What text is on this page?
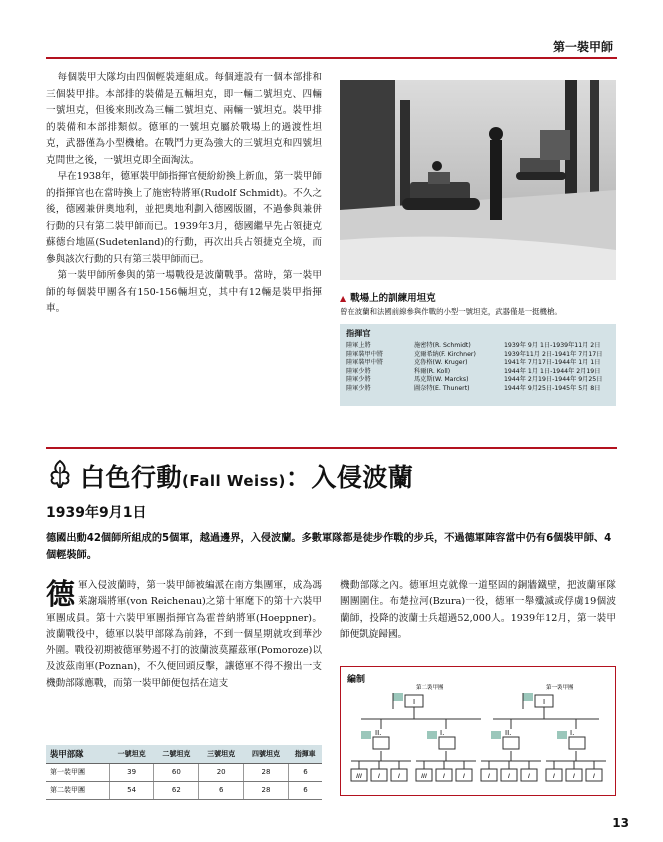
第一裝甲師

每個裝甲大隊均由四個輕裝連組成。每個連設有一個本部排和三個裝甲排。本部排的裝備是五輛坦克，即一輛二號坦克、四輛一號坦克，但後來則改為三輛二號坦克、兩輛一號坦克。裝甲排的裝備和本部排類似。德軍的一號坦克屬於戰場上的過渡性坦克，武器僅為小型機槍。在戰鬥力更為強大的三號坦克和四號坦克問世之後，一號坦克即全面淘汰。

早在1938年，德軍裝甲師指揮官便紛紛換上新血，第一裝甲師的指揮官也在當時換上了施密特將軍(Rudolf Schmidt)。不久之後，德國兼併奧地利，並把奧地利劃入德國版圖，不過參與兼併行動的只有第二裝甲師而已。1939年3月，德國繼早先占領捷克蘇德台地區(Sudetenland)的行動，再次出兵占領捷克全境，而參與該次行動的只有第三裝甲師而已。

第一裝甲師所參與的第一場戰役是波蘭戰爭。當時，第一裝甲師的每個裝甲團各有150-156輛坦克，其中有12輛是裝甲指揮車。

▲ 戰場上的訓練用坦克
曾在波蘭和法國前線參與作戰的小型一號坦克，武器僅是一挺機槍。
指揮官
陸軍上將	施密特(R. Schmidt)	1939年 9月 1日-1939年11月 2日
陸軍裝甲中將	克爾希納(F. Kirchner)	1939年11月 2日-1941年 7月17日
陸軍裝甲中將	克魯格(W. Kruger)	1941年 7月17日-1944年 1月 1日
陸軍少將	科爾(R. Koll)	1944年 1月 1日-1944年 2月19日
陸軍少將	馬克斯(W. Marcks)	1944年 2月19日-1944年 9月25日
陸軍少將	圖奈特(E. Thunert)	1944年 9月25日-1945年 5月 8日
白色行動(Fall Weiss)：入侵波蘭
1939年9月1日
德國出動42個師所組成的5個軍，越過邊界，入侵波蘭。多數軍隊都是徒步作戰的步兵，不過德軍陣容當中仍有6個裝甲師、4個輕裝師。
德軍入侵波蘭時，第一裝甲師被編派在南方集團軍，成為馮萊謝瑙將軍(von Reichenau)之第十軍麾下的第十六裝甲軍團成員。第十六裝甲軍團指揮官為霍普納將軍(Hoeppner)。波蘭戰役中，德軍以裝甲部隊為前鋒，不到一個星期就攻到華沙外圍。戰役初期被德軍勢遏不打的波蘭波莫羅茲軍(Pomoroze)以及波茲南軍(Poznan)，不久便回頭反擊，讓德軍不得不撥出一支機動部隊應戰，而第一裝甲師便包括在這支
機動部隊之內。德軍坦克就像一道堅固的銅牆鐵壁，把波蘭軍隊團團圍住。布楚拉河(Bzura)一役，德軍一舉殲滅或俘虜19個波蘭師，投降的波蘭士兵超過52,000人。1939年12月，第一裝甲師便凱旋歸國。
編制
I
第二裝甲團
I
第一裝甲團
II.	I.	II.	I.
III I	I	III I	I	I	I	I	I	I	I
裝甲部隊	一號坦克	二號坦克	三號坦克	四號坦克	指揮車
第一裝甲團	39	60	20	28	6
第二裝甲團	54	62	6	28	6
13
